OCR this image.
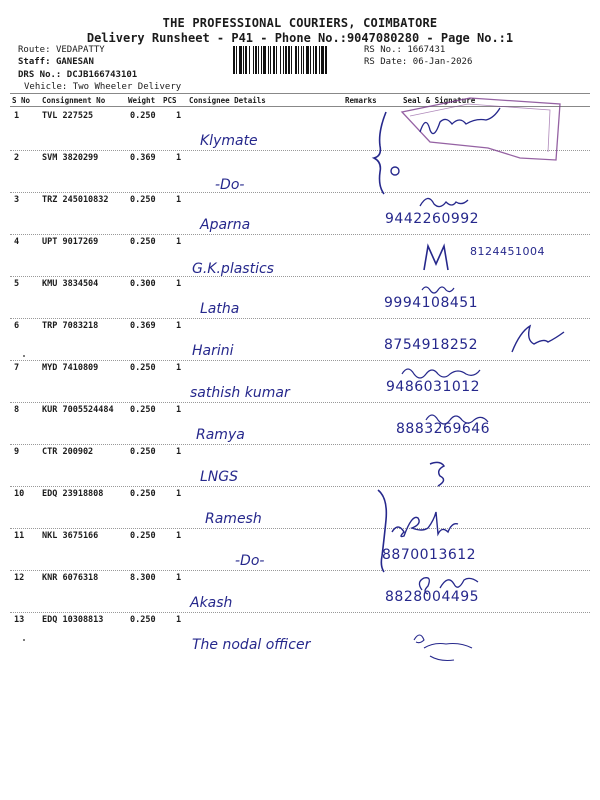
THE PROFESSIONAL COURIERS, COIMBATORE
Delivery Runsheet - P41 - Phone No.:9047080280 - Page No.:1
Route: VEDAPATTY
Staff: GANESAN
DRS No.: DCJB166743101
Vehicle: Two Wheeler Delivery
RS No.: 1667431
RS Date: 06-Jan-2026
S No Consignment No	Weight PCS Consignee Details	Remarks	Seal & Signature
1	TVL 227525	0.250 1
Klymate
2	SVM 3820299	0.369 1
-Do-
3	TRZ 245010832	0.250 1
Aparna	9442260992
4	UPT 9017269	0.250 1
G.K.plastics
8124451004
5	KMU 3834504	0.300 1
Latha	9994108451
6	TRP 7083218	0.369 1
Harini	8754918252
7	MYD 7410809	0.250 1
sathish kumar	9486031012
8	KUR 7005524484 0.250 1
Ramya	8883269646
9	CTR 200902	0.250 1
LNGS
10 EDQ 23918808	0.250 1
Ramesh
11 NKL 3675166	0.250 1
-Do-	8870013612
12 KNR 6076318	8.300 1
Akash	8828004495
13 EDQ 10308813	0.250 1
The nodal officer
